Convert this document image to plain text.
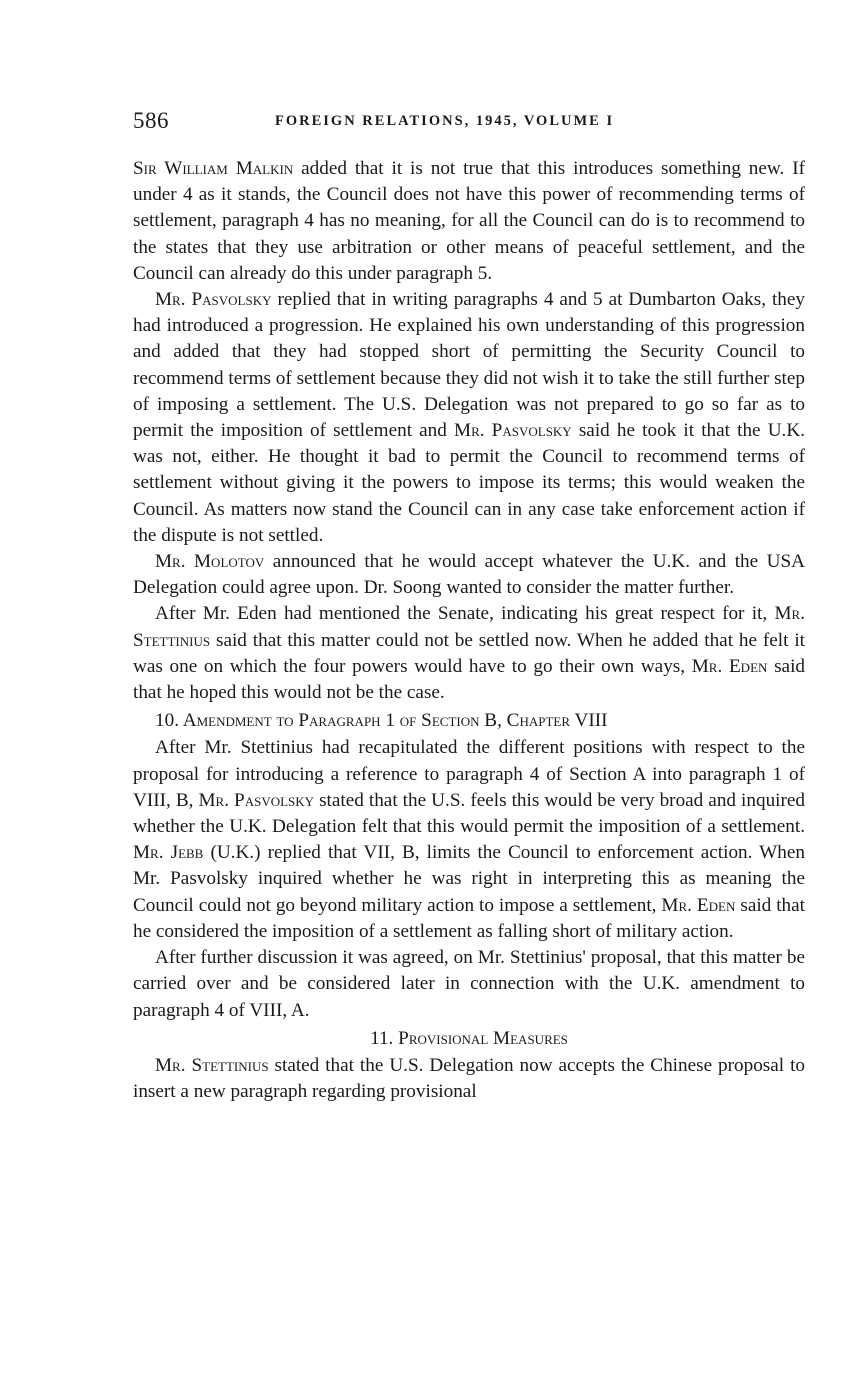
586	FOREIGN RELATIONS, 1945, VOLUME I

Sir William Malkin added that it is not true that this introduces something new. If under 4 as it stands, the Council does not have this power of recommending terms of settlement, paragraph 4 has no meaning, for all the Council can do is to recommend to the states that they use arbitration or other means of peaceful settlement, and the Council can already do this under paragraph 5.

Mr. Pasvolsky replied that in writing paragraphs 4 and 5 at Dumbarton Oaks, they had introduced a progression. He explained his own understanding of this progression and added that they had stopped short of permitting the Security Council to recommend terms of settlement because they did not wish it to take the still further step of imposing a settlement. The U.S. Delegation was not prepared to go so far as to permit the imposition of settlement and Mr. Pasvolsky said he took it that the U.K. was not, either. He thought it bad to permit the Council to recommend terms of settlement without giving it the powers to impose its terms; this would weaken the Council. As matters now stand the Council can in any case take enforcement action if the dispute is not settled.

Mr. Molotov announced that he would accept whatever the U.K. and the USA Delegation could agree upon. Dr. Soong wanted to consider the matter further.

After Mr. Eden had mentioned the Senate, indicating his great respect for it, Mr. Stettinius said that this matter could not be settled now. When he added that he felt it was one on which the four powers would have to go their own ways, Mr. Eden said that he hoped this would not be the case.

10. Amendment to Paragraph 1 of Section B, Chapter VIII

After Mr. Stettinius had recapitulated the different positions with respect to the proposal for introducing a reference to paragraph 4 of Section A into paragraph 1 of VIII, B, Mr. Pasvolsky stated that the U.S. feels this would be very broad and inquired whether the U.K. Delegation felt that this would permit the imposition of a settlement. Mr. Jebb (U.K.) replied that VII, B, limits the Council to enforcement action. When Mr. Pasvolsky inquired whether he was right in interpreting this as meaning the Council could not go beyond military action to impose a settlement, Mr. Eden said that he considered the imposition of a settlement as falling short of military action.

After further discussion it was agreed, on Mr. Stettinius' proposal, that this matter be carried over and be considered later in connection with the U.K. amendment to paragraph 4 of VIII, A.

11. Provisional Measures

Mr. Stettinius stated that the U.S. Delegation now accepts the Chinese proposal to insert a new paragraph regarding provisional
